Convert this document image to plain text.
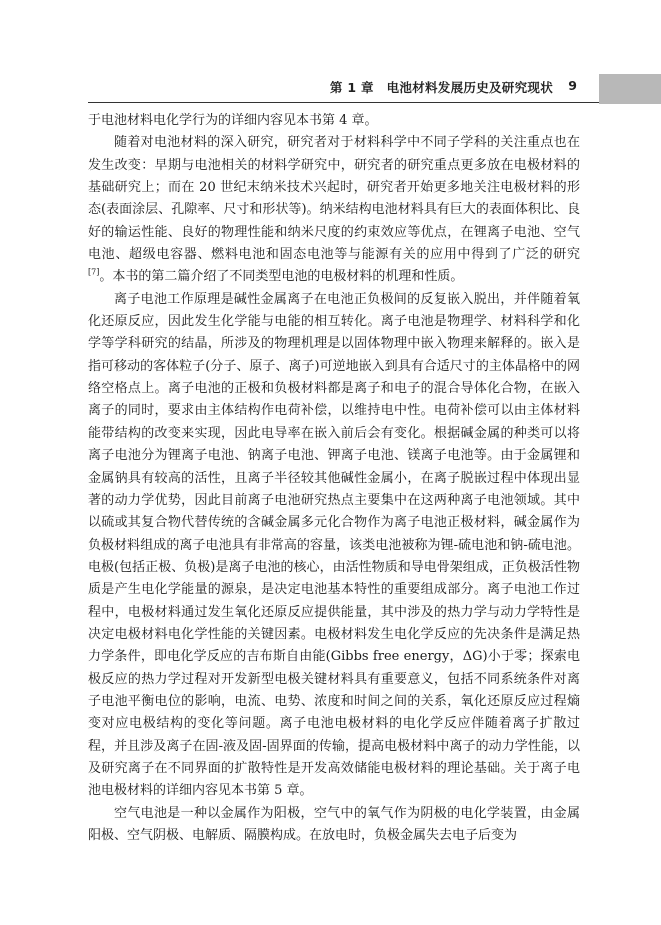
第 1 章　电池材料发展历史及研究现状 9

于电池材料电化学行为的详细内容见本书第 4 章。

随着对电池材料的深入研究，研究者对于材料科学中不同子学科的关注重点也在发生改变：早期与电池相关的材料学研究中，研究者的研究重点更多放在电极材料的基础研究上；而在 20 世纪末纳米技术兴起时，研究者开始更多地关注电极材料的形态(表面涂层、孔隙率、尺寸和形状等)。纳米结构电池材料具有巨大的表面体积比、良好的输运性能、良好的物理性能和纳米尺度的约束效应等优点，在锂离子电池、空气电池、超级电容器、燃料电池和固态电池等与能源有关的应用中得到了广泛的研究[7]。本书的第二篇介绍了不同类型电池的电极材料的机理和性质。

离子电池工作原理是碱性金属离子在电池正负极间的反复嵌入脱出，并伴随着氧化还原反应，因此发生化学能与电能的相互转化。离子电池是物理学、材料科学和化学等学科研究的结晶，所涉及的物理机理是以固体物理中嵌入物理来解释的。嵌入是指可移动的客体粒子(分子、原子、离子)可逆地嵌入到具有合适尺寸的主体晶格中的网络空格点上。离子电池的正极和负极材料都是离子和电子的混合导体化合物，在嵌入离子的同时，要求由主体结构作电荷补偿，以维持电中性。电荷补偿可以由主体材料能带结构的改变来实现，因此电导率在嵌入前后会有变化。根据碱金属的种类可以将离子电池分为锂离子电池、钠离子电池、钾离子电池、镁离子电池等。由于金属锂和金属钠具有较高的活性，且离子半径较其他碱性金属小，在离子脱嵌过程中体现出显著的动力学优势，因此目前离子电池研究热点主要集中在这两种离子电池领域。其中以硫或其复合物代替传统的含碱金属多元化合物作为离子电池正极材料，碱金属作为负极材料组成的离子电池具有非常高的容量，该类电池被称为锂-硫电池和钠-硫电池。电极(包括正极、负极)是离子电池的核心，由活性物质和导电骨架组成，正负极活性物质是产生电化学能量的源泉，是决定电池基本特性的重要组成部分。离子电池工作过程中，电极材料通过发生氧化还原反应提供能量，其中涉及的热力学与动力学特性是决定电极材料电化学性能的关键因素。电极材料发生电化学反应的先决条件是满足热力学条件，即电化学反应的吉布斯自由能(Gibbs free energy，ΔG)小于零；探索电极反应的热力学过程对开发新型电极关键材料具有重要意义，包括不同系统条件对离子电池平衡电位的影响，电流、电势、浓度和时间之间的关系，氧化还原反应过程熵变对应电极结构的变化等问题。离子电池电极材料的电化学反应伴随着离子扩散过程，并且涉及离子在固-液及固-固界面的传输，提高电极材料中离子的动力学性能，以及研究离子在不同界面的扩散特性是开发高效储能电极材料的理论基础。关于离子电池电极材料的详细内容见本书第 5 章。

空气电池是一种以金属作为阳极，空气中的氧气作为阴极的电化学装置，由金属阳极、空气阴极、电解质、隔膜构成。在放电时，负极金属失去电子后变为
